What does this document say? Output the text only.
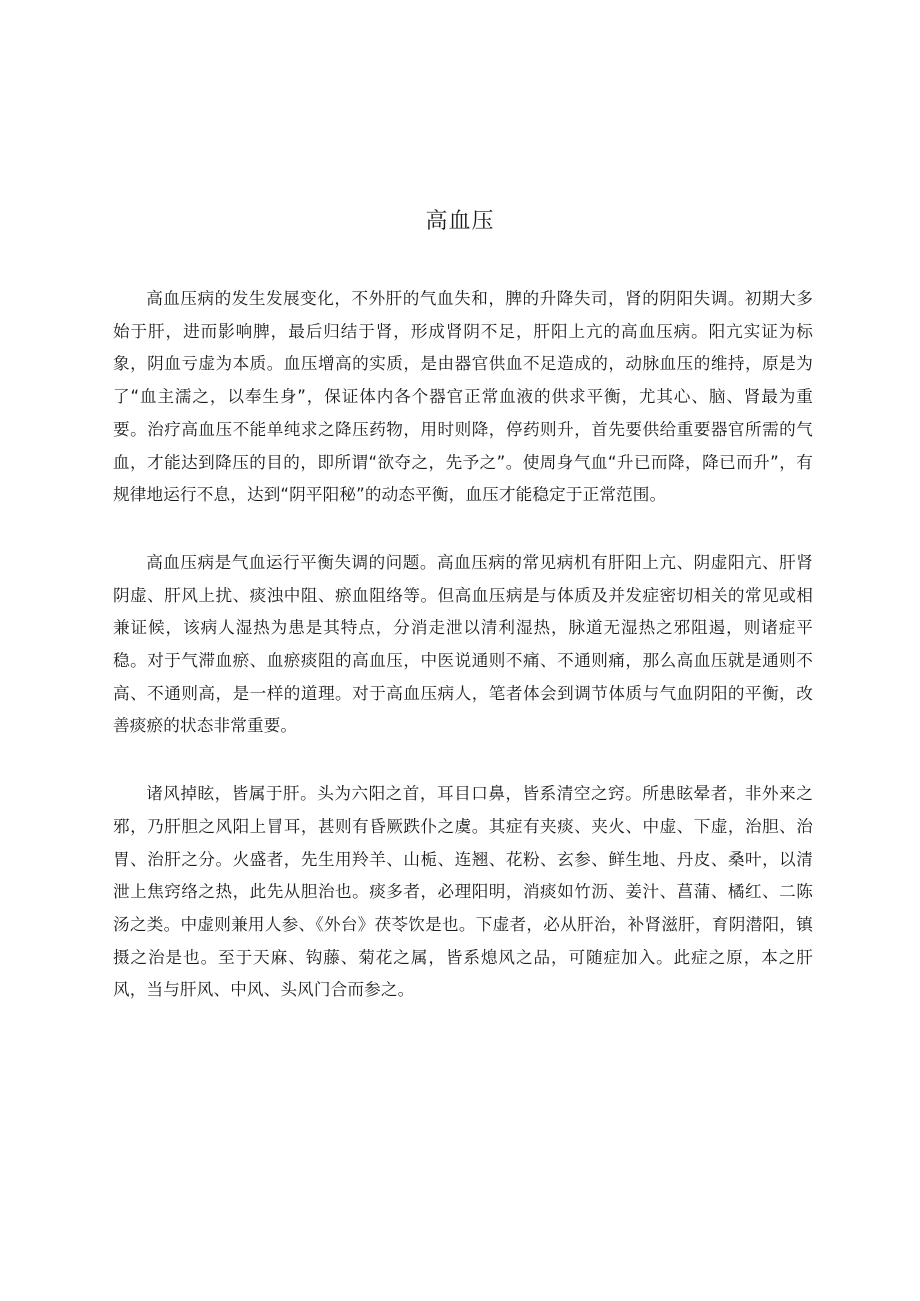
高血压

高血压病的发生发展变化，不外肝的气血失和，脾的升降失司，肾的阴阳失调。初期大多始于肝，进而影响脾，最后归结于肾，形成肾阴不足，肝阳上亢的高血压病。阳亢实证为标象，阴血亏虚为本质。血压增高的实质，是由器官供血不足造成的，动脉血压的维持，原是为了“血主濡之，以奉生身”，保证体内各个器官正常血液的供求平衡，尤其心、脑、肾最为重要。治疗高血压不能单纯求之降压药物，用时则降，停药则升，首先要供给重要器官所需的气血，才能达到降压的目的，即所谓“欲夺之，先予之”。使周身气血“升已而降，降已而升”，有规律地运行不息，达到“阴平阳秘”的动态平衡，血压才能稳定于正常范围。

高血压病是气血运行平衡失调的问题。高血压病的常见病机有肝阳上亢、阴虚阳亢、肝肾阴虚、肝风上扰、痰浊中阻、瘀血阻络等。但高血压病是与体质及并发症密切相关的常见或相兼证候，该病人湿热为患是其特点，分消走泄以清利湿热，脉道无湿热之邪阻遏，则诸症平稳。对于气滞血瘀、血瘀痰阻的高血压，中医说通则不痛、不通则痛，那么高血压就是通则不高、不通则高，是一样的道理。对于高血压病人，笔者体会到调节体质与气血阴阳的平衡，改善痰瘀的状态非常重要。

诸风掉眩，皆属于肝。头为六阳之首，耳目口鼻，皆系清空之窍。所患眩晕者，非外来之邪，乃肝胆之风阳上冒耳，甚则有昏厥跌仆之虞。其症有夹痰、夹火、中虚、下虚，治胆、治胃、治肝之分。火盛者，先生用羚羊、山栀、连翘、花粉、玄参、鲜生地、丹皮、桑叶，以清泄上焦窍络之热，此先从胆治也。痰多者，必理阳明，消痰如竹沥、姜汁、菖蒲、橘红、二陈汤之类。中虚则兼用人参、《外台》茯苓饮是也。下虚者，必从肝治，补肾滋肝，育阴潜阳，镇摄之治是也。至于天麻、钩藤、菊花之属，皆系熄风之品，可随症加入。此症之原，本之肝风，当与肝风、中风、头风门合而参之。
